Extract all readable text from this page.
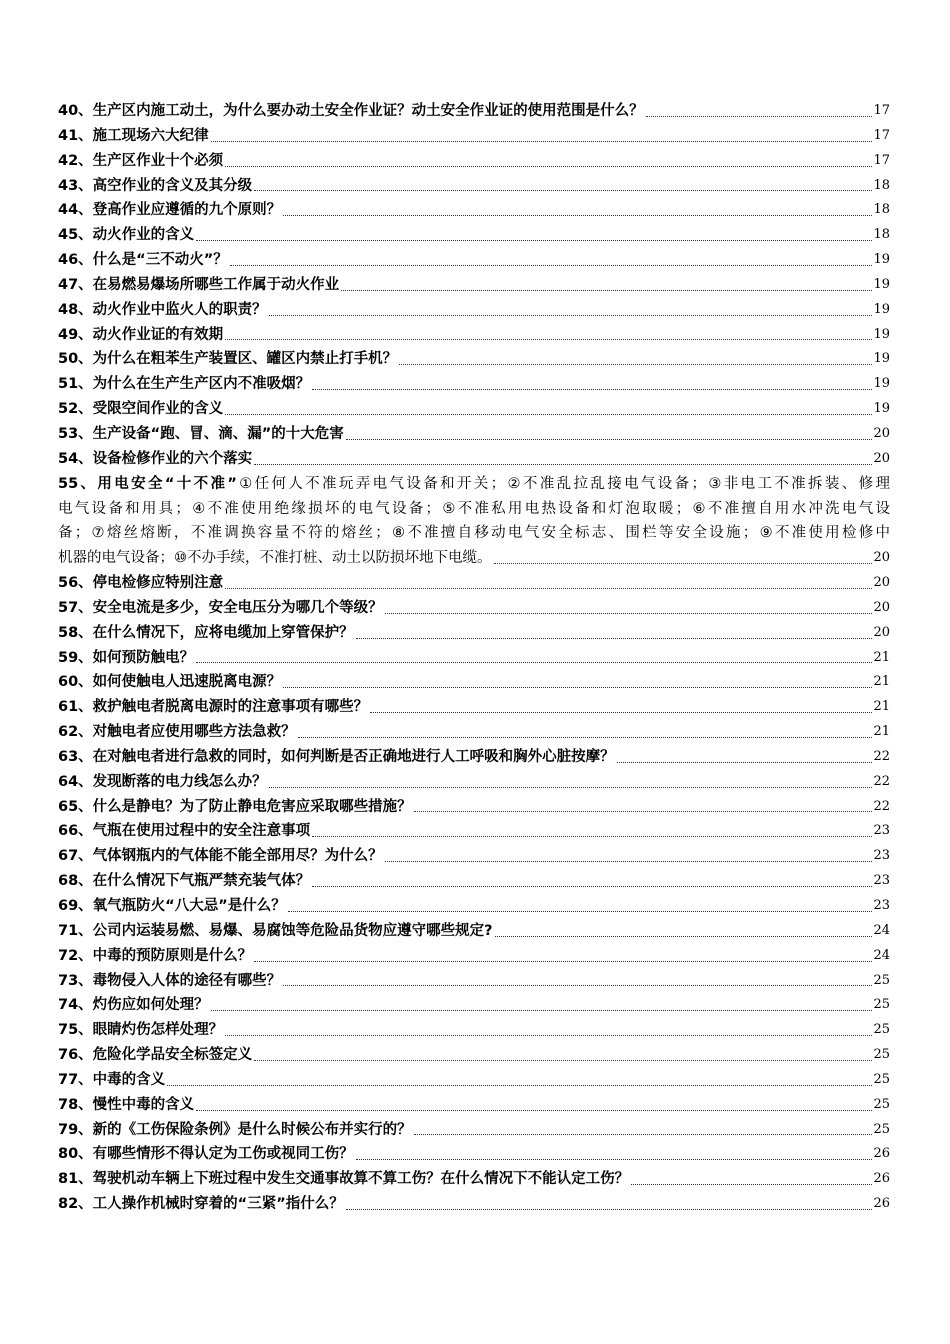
40、生产区内施工动土，为什么要办动土安全作业证？动土安全作业证的使用范围是什么？	17
41、施工现场六大纪律	17
42、生产区作业十个必须	17
43、高空作业的含义及其分级	18
44、登高作业应遵循的九个原则？	18
45、动火作业的含义	18
46、什么是“三不动火”？	19
47、在易燃易爆场所哪些工作属于动火作业	19
48、动火作业中监火人的职责？	19
49、动火作业证的有效期	19
50、为什么在粗苯生产装置区、罐区内禁止打手机？	19
51、为什么在生产生产区内不准吸烟？	19
52、受限空间作业的含义	19
53、生产设备“跑、冒、滴、漏”的十大危害	20
54、设备检修作业的六个落实	20
55、用电安全“十不准”①任何人不准玩弄电气设备和开关；②不准乱拉乱接电气设备；③非电工不准拆装、修理
电气设备和用具；④不准使用绝缘损坏的电气设备；⑤不准私用电热设备和灯泡取暖；⑥不准擅自用水冲洗电气设
备；⑦熔丝熔断，不准调换容量不符的熔丝；⑧不准擅自移动电气安全标志、围栏等安全设施；⑨不准使用检修中
机器的电气设备；⑩不办手续，不准打桩、动土以防损坏地下电缆。	20
56、停电检修应特别注意	20
57、安全电流是多少，安全电压分为哪几个等级？	20
58、在什么情况下，应将电缆加上穿管保护？	20
59、如何预防触电？	21
60、如何使触电人迅速脱离电源？	21
61、救护触电者脱离电源时的注意事项有哪些？	21
62、对触电者应使用哪些方法急救？	21
63、在对触电者进行急救的同时，如何判断是否正确地进行人工呼吸和胸外心脏按摩？	22
64、发现断落的电力线怎么办？	22
65、什么是静电？为了防止静电危害应采取哪些措施？	22
66、气瓶在使用过程中的安全注意事项	23
67、气体钢瓶内的气体能不能全部用尽？为什么？	23
68、在什么情况下气瓶严禁充装气体？	23
69、氧气瓶防火“八大忌”是什么？	23
71、公司内运装易燃、易爆、易腐蚀等危险品货物应遵守哪些规定?	24
72、中毒的预防原则是什么？	24
73、毒物侵入人体的途径有哪些？	25
74、灼伤应如何处理？	25
75、眼睛灼伤怎样处理？	25
76、危险化学品安全标签定义	25
77、中毒的含义	25
78、慢性中毒的含义	25
79、新的《工伤保险条例》是什么时候公布并实行的？	25
80、有哪些情形不得认定为工伤或视同工伤？	26
81、驾驶机动车辆上下班过程中发生交通事故算不算工伤？在什么情况下不能认定工伤？	26
82、工人操作机械时穿着的“三紧”指什么？	26
